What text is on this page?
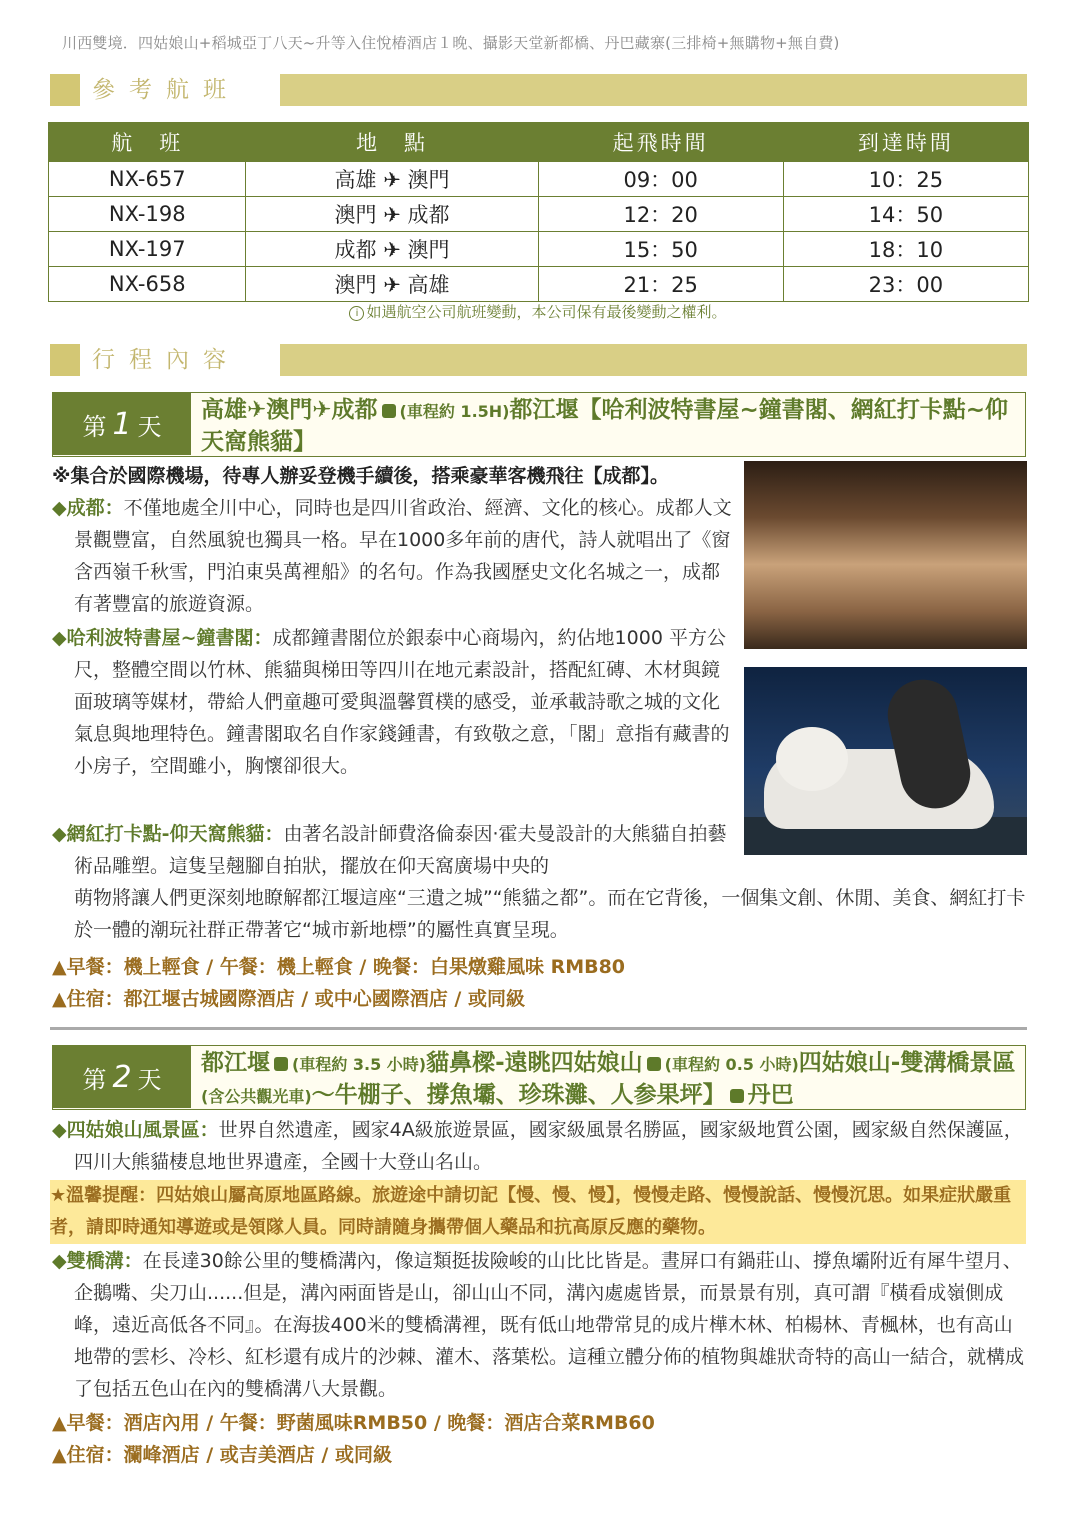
川西雙境．四姑娘山+稻城亞丁八天~升等入住悅椿酒店１晚、攝影天堂新都橋、丹巴藏寨(三排椅+無購物+無自費)
參考航班
航　班	地　點	起飛時間	到達時間
NX-657	高雄 ✈ 澳門	09：00	10：25
NX-198	澳門 ✈ 成都	12：20	14：50
NX-197	成都 ✈ 澳門	15：50	18：10
NX-658	澳門 ✈ 高雄	21：25	23：00
i 如遇航空公司航班變動，本公司保有最後變動之權利。
行程內容
第 1 天
高雄✈澳門✈成都 (車程約 1.5H)都江堰【哈利波特書屋~鐘書閣、網紅打卡點~仰天窩熊貓】
※集合於國際機場，待專人辦妥登機手續後，搭乘豪華客機飛往【成都】。
◆成都：不僅地處全川中心，同時也是四川省政治、經濟、文化的核心。成都人文景觀豐富，自然風貌也獨具一格。早在1000多年前的唐代，詩人就唱出了《窗含西嶺千秋雪，門泊東吳萬裡船》的名句。作為我國歷史文化名城之一，成都有著豐富的旅遊資源。
◆哈利波特書屋~鐘書閣：成都鐘書閣位於銀泰中心商場內，約佔地1000 平方公尺，整體空間以竹林、熊貓與梯田等四川在地元素設計，搭配紅磚、木材與鏡面玻璃等媒材，帶給人們童趣可愛與溫馨質樸的感受，並承載詩歌之城的文化氣息與地理特色。鐘書閣取名自作家錢鍾書，有致敬之意，「閣」意指有藏書的小房子，空間雖小，胸懷卻很大。
◆網紅打卡點-仰天窩熊貓：由著名設計師費洛倫泰因·霍夫曼設計的大熊貓自拍藝術品雕塑。這隻呈翹腳自拍狀，擺放在仰天窩廣場中央的
萌物將讓人們更深刻地瞭解都江堰這座“三遺之城”“熊貓之都”。而在它背後，一個集文創、休閒、美食、網紅打卡於一體的潮玩社群正帶著它“城市新地標”的屬性真實呈現。
▲早餐：機上輕食 / 午餐：機上輕食 / 晚餐：白果燉雞風味 RMB80
▲住宿：都江堰古城國際酒店 / 或中心國際酒店 / 或同級
第 2 天
都江堰 (車程約 3.5 小時)貓鼻樑-遠眺四姑娘山 (車程約 0.5 小時)四姑娘山-雙溝橋景區(含公共觀光車)～牛棚子、撐魚壩、珍珠灘、人参果坪】 丹巴
◆四姑娘山風景區：世界自然遺產，國家4A級旅遊景區，國家級風景名勝區，國家級地質公園，國家級自然保護區，四川大熊貓棲息地世界遺產，全國十大登山名山。
★溫馨提醒：四姑娘山屬高原地區路線。旅遊途中請切記【慢、慢、慢】，慢慢走路、慢慢說話、慢慢沉思。如果症狀嚴重者，請即時通知導遊或是領隊人員。同時請隨身攜帶個人藥品和抗高原反應的藥物。
◆雙橋溝：在長達30餘公里的雙橋溝內，像這類挺拔險峻的山比比皆是。晝屏口有鍋莊山、撐魚壩附近有犀牛望月、企鵝嘴、尖刀山......但是，溝內兩面皆是山，卻山山不同，溝內處處皆景，而景景有別，真可謂『橫看成嶺側成峰，遠近高低各不同』。在海拔400米的雙橋溝裡，既有低山地帶常見的成片樺木林、柏楊林、青楓林，也有高山地帶的雲杉、冷杉、紅杉還有成片的沙棘、灌木、落葉松。這種立體分佈的植物與雄狀奇特的高山一結合，就構成了包括五色山在內的雙橋溝八大景觀。
▲早餐：酒店內用 / 午餐：野菌風味RMB50 / 晚餐：酒店合菜RMB60
▲住宿：瀾峰酒店 / 或吉美酒店 / 或同級
